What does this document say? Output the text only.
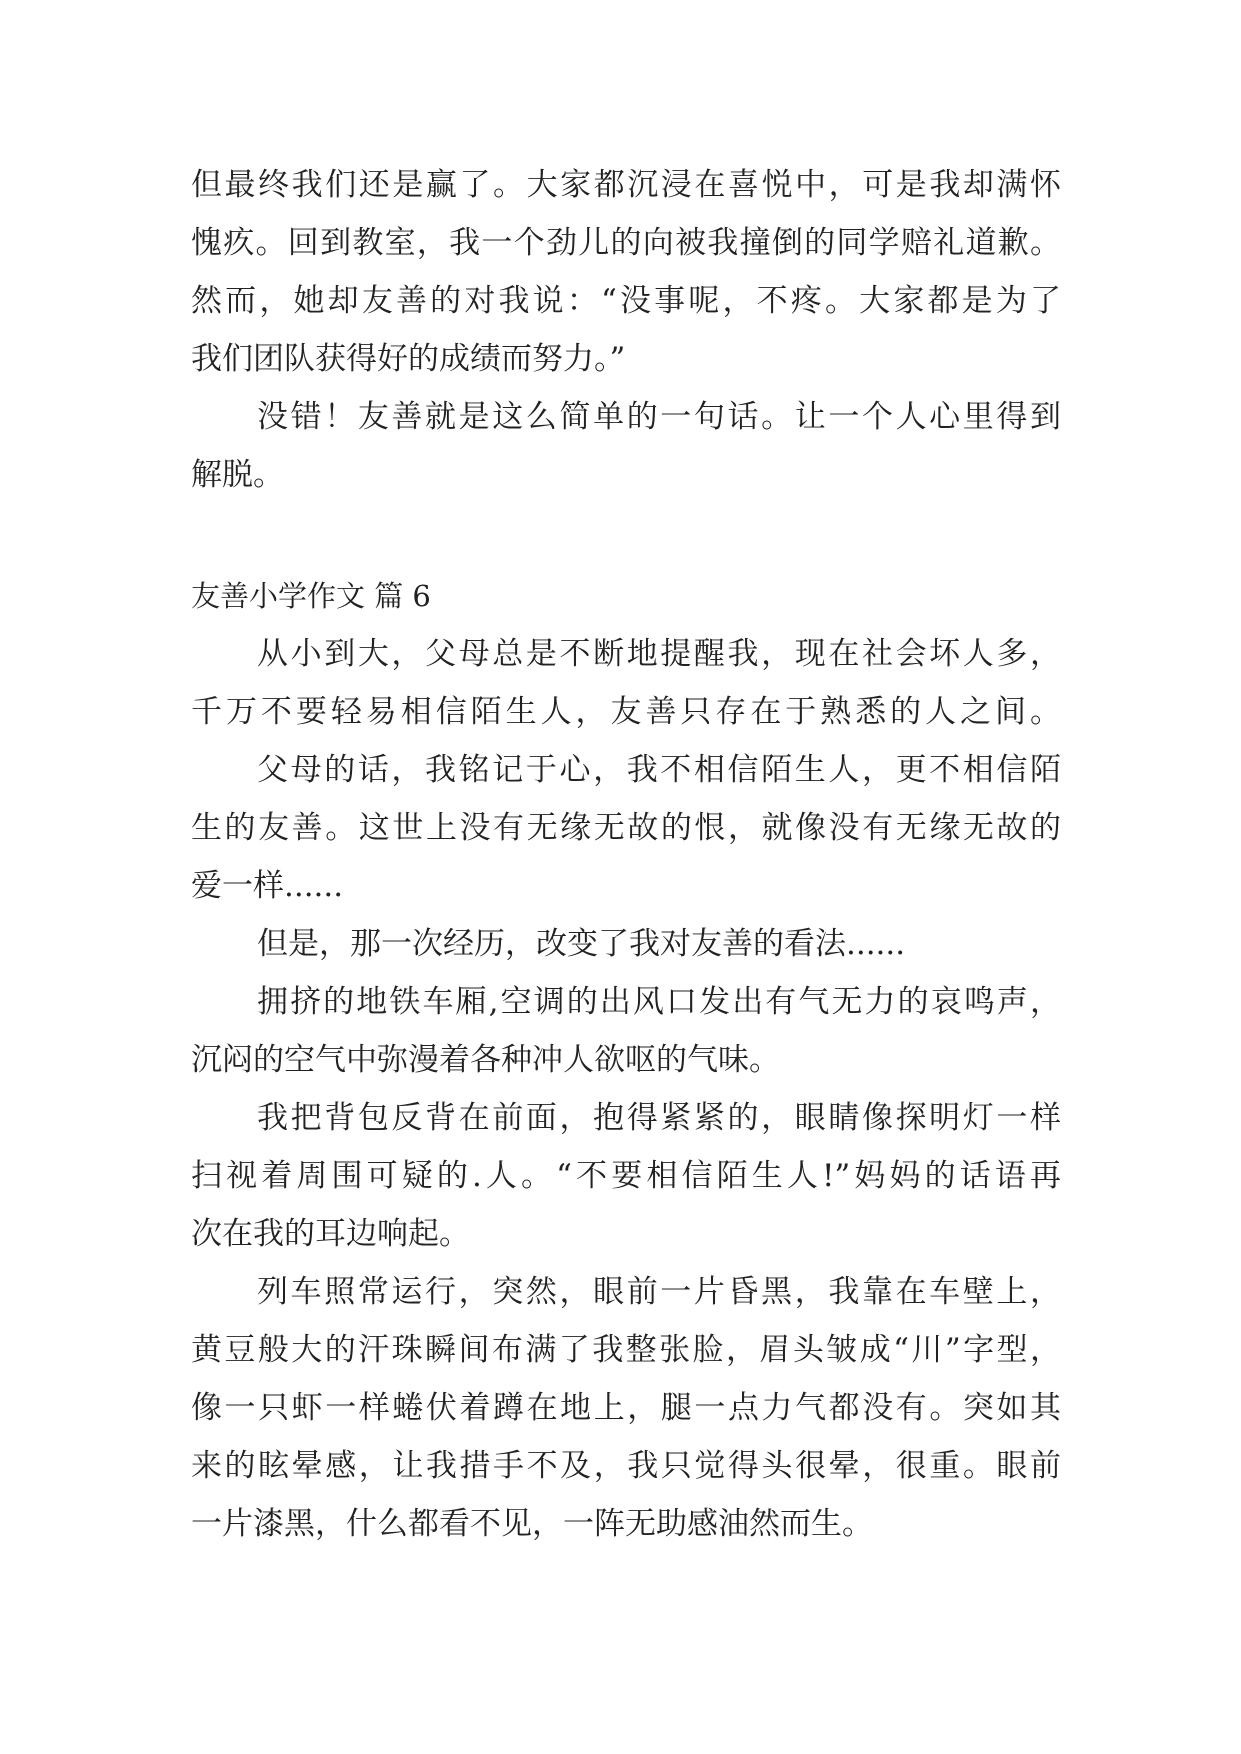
但最终我们还是赢了。大家都沉浸在喜悦中，可是我却满怀
愧疚。回到教室，我一个劲儿的向被我撞倒的同学赔礼道歉。
然而，她却友善的对我说：“没事呢，不疼。大家都是为了
我们团队获得好的成绩而努力。”
没错！友善就是这么简单的一句话。让一个人心里得到
解脱。
友善小学作文 篇 6
从小到大，父母总是不断地提醒我，现在社会坏人多，
千万不要轻易相信陌生人，友善只存在于熟悉的人之间。
父母的话，我铭记于心，我不相信陌生人，更不相信陌
生的友善。这世上没有无缘无故的恨，就像没有无缘无故的
爱一样......
但是，那一次经历，改变了我对友善的看法......
拥挤的地铁车厢,空调的出风口发出有气无力的哀鸣声，
沉闷的空气中弥漫着各种冲人欲呕的气味。
我把背包反背在前面，抱得紧紧的，眼睛像探明灯一样
扫视着周围可疑的.人。“不要相信陌生人!”妈妈的话语再
次在我的耳边响起。
列车照常运行，突然，眼前一片昏黑，我靠在车壁上，
黄豆般大的汗珠瞬间布满了我整张脸，眉头皱成“川”字型，
像一只虾一样蜷伏着蹲在地上，腿一点力气都没有。突如其
来的眩晕感，让我措手不及，我只觉得头很晕，很重。眼前
一片漆黑，什么都看不见，一阵无助感油然而生。
